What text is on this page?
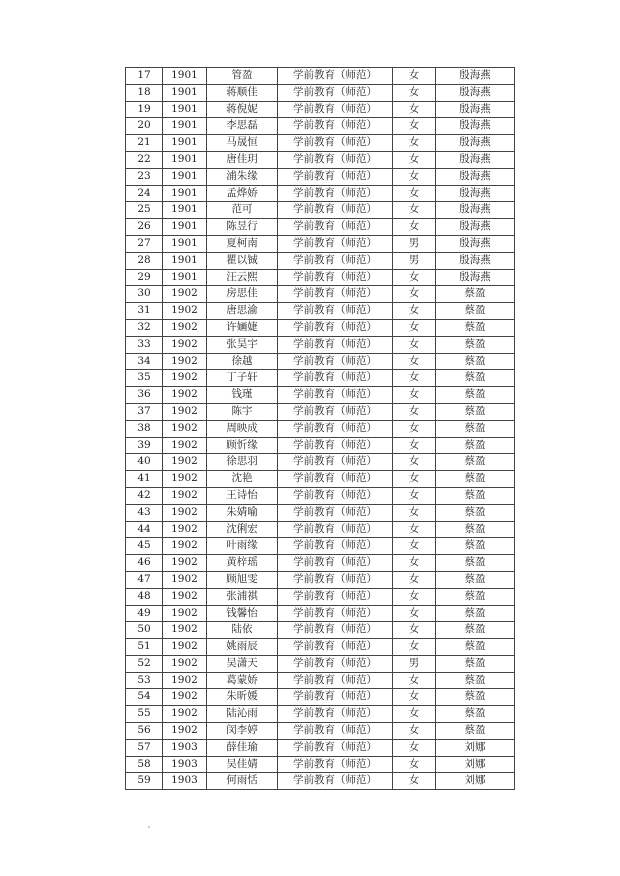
17	1901	管盈	学前教育（师范）	女	殷海燕
18	1901	蒋顺佳	学前教育（师范）	女	殷海燕
19	1901	蒋倪妮	学前教育（师范）	女	殷海燕
20	1901	李思磊	学前教育（师范）	女	殷海燕
21	1901	马晟恒	学前教育（师范）	女	殷海燕
22	1901	唐佳玥	学前教育（师范）	女	殷海燕
23	1901	浦朱缘	学前教育（师范）	女	殷海燕
24	1901	孟烨娇	学前教育（师范）	女	殷海燕
25	1901	范可	学前教育（师范）	女	殷海燕
26	1901	陈昱行	学前教育（师范）	女	殷海燕
27	1901	夏柯南	学前教育（师范）	男	殷海燕
28	1901	瞿以铖	学前教育（师范）	男	殷海燕
29	1901	汪云熙	学前教育（师范）	女	殷海燕
30	1902	房思佳	学前教育（师范）	女	蔡盈
31	1902	唐思渝	学前教育（师范）	女	蔡盈
32	1902	许婳婕	学前教育（师范）	女	蔡盈
33	1902	张昊宇	学前教育（师范）	女	蔡盈
34	1902	徐越	学前教育（师范）	女	蔡盈
35	1902	丁子轩	学前教育（师范）	女	蔡盈
36	1902	钱瑾	学前教育（师范）	女	蔡盈
37	1902	陈宇	学前教育（师范）	女	蔡盈
38	1902	周映成	学前教育（师范）	女	蔡盈
39	1902	顾忻缘	学前教育（师范）	女	蔡盈
40	1902	徐思羽	学前教育（师范）	女	蔡盈
41	1902	沈艳	学前教育（师范）	女	蔡盈
42	1902	王诗怡	学前教育（师范）	女	蔡盈
43	1902	朱婧喻	学前教育（师范）	女	蔡盈
44	1902	沈俐宏	学前教育（师范）	女	蔡盈
45	1902	叶雨缘	学前教育（师范）	女	蔡盈
46	1902	黄梓瑶	学前教育（师范）	女	蔡盈
47	1902	顾旭雯	学前教育（师范）	女	蔡盈
48	1902	张浦祺	学前教育（师范）	女	蔡盈
49	1902	钱馨怡	学前教育（师范）	女	蔡盈
50	1902	陆依	学前教育（师范）	女	蔡盈
51	1902	姚雨辰	学前教育（师范）	女	蔡盈
52	1902	吴潇天	学前教育（师范）	男	蔡盈
53	1902	葛蒙娇	学前教育（师范）	女	蔡盈
54	1902	朱昕媛	学前教育（师范）	女	蔡盈
55	1902	陆沁雨	学前教育（师范）	女	蔡盈
56	1902	闵李婷	学前教育（师范）	女	蔡盈
57	1903	薛佳瑜	学前教育（师范）	女	刘娜
58	1903	吴佳婧	学前教育（师范）	女	刘娜
59	1903	何雨恬	学前教育（师范）	女	刘娜
